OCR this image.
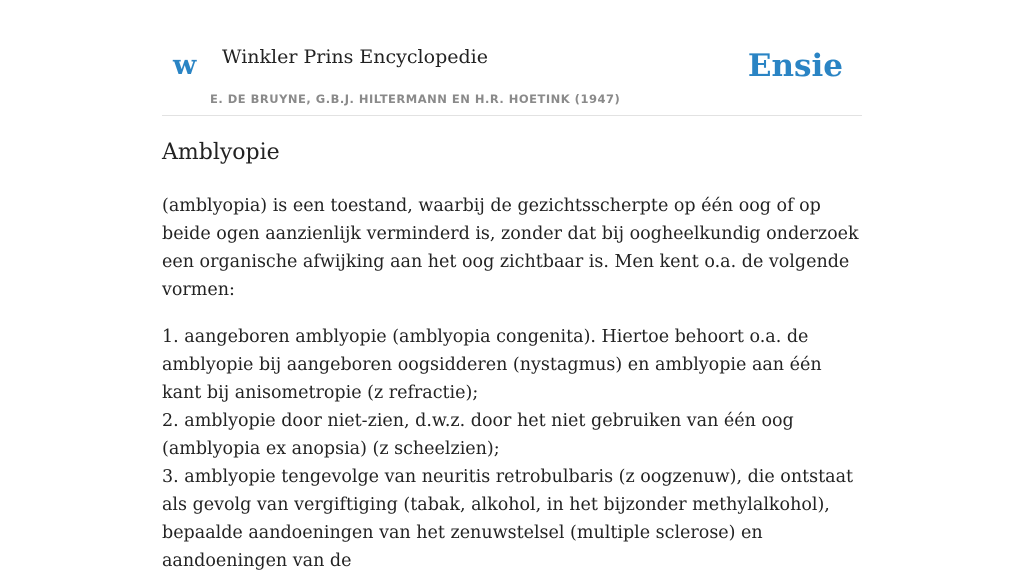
w Winkler Prins Encyclopedie
E. DE BRUYNE, G.B.J. HILTERMANN EN H.R. HOETINK (1947)
Ensie
Amblyopie

(amblyopia) is een toestand, waarbij de gezichtsscherpte op één oog of op beide ogen aanzienlijk verminderd is, zonder dat bij oogheelkundig onderzoek een organische afwijking aan het oog zichtbaar is. Men kent o.a. de volgende vormen:

1. aangeboren amblyopie (amblyopia congenita). Hiertoe behoort o.a. de amblyopie bij aangeboren oogsidderen (nystagmus) en amblyopie aan één kant bij anisometropie (z refractie);

2. amblyopie door niet-zien, d.w.z. door het niet gebruiken van één oog (amblyopia ex anopsia) (z scheelzien);

3. amblyopie tengevolge van neuritis retrobulbaris (z oogzenuw), die ontstaat als gevolg van vergiftiging (tabak, alkohol, in het bijzonder methylalkohol), bepaalde aandoeningen van het zenuwstelsel (multiple sclerose) en aandoeningen van de
